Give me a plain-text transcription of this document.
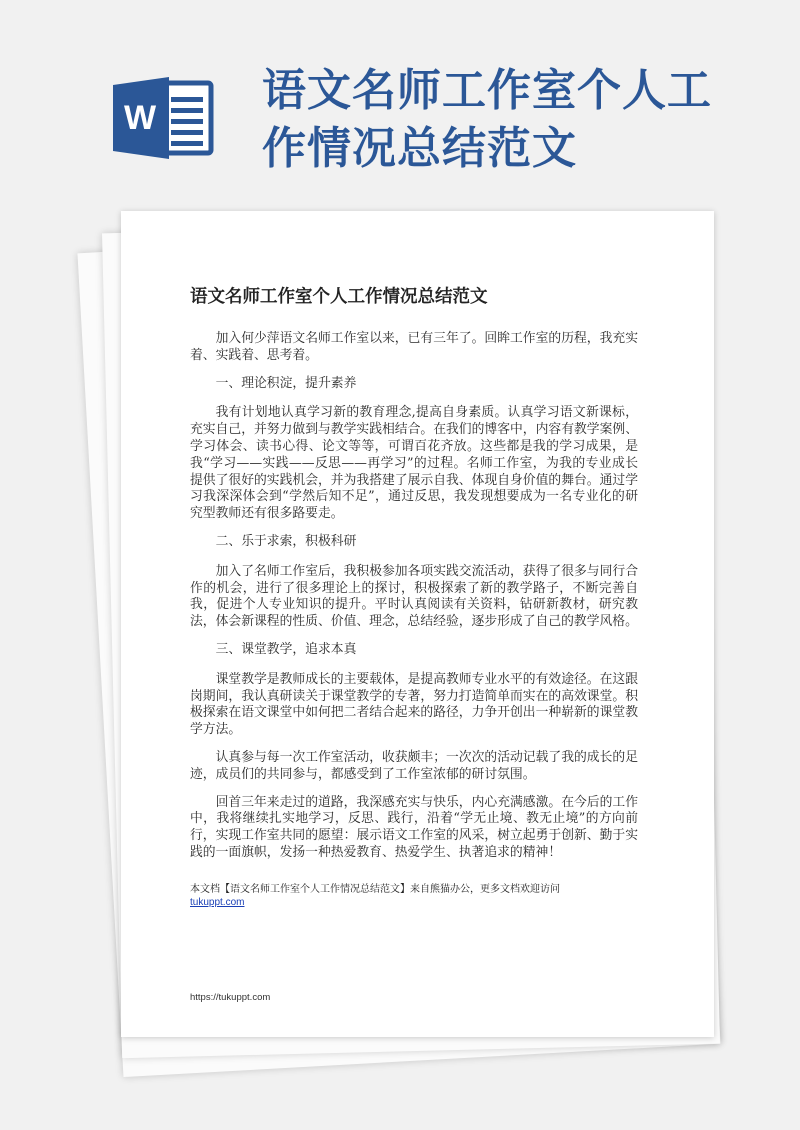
W
语文名师工作室个人工
作情况总结范文
语文名师工作室个人工作情况总结范文

加入何少萍语文名师工作室以来，已有三年了。回眸工作室的历程，我充实着、实践着、思考着。

一、理论积淀，提升素养

我有计划地认真学习新的教育理念,提高自身素质。认真学习语文新课标，充实自己，并努力做到与教学实践相结合。在我们的博客中，内容有教学案例、学习体会、读书心得、论文等等，可谓百花齐放。这些都是我的学习成果，是我“学习——实践——反思——再学习”的过程。名师工作室，为我的专业成长提供了很好的实践机会，并为我搭建了展示自我、体现自身价值的舞台。通过学习我深深体会到“学然后知不足”，通过反思，我发现想要成为一名专业化的研究型教师还有很多路要走。

二、乐于求索，积极科研

加入了名师工作室后，我积极参加各项实践交流活动，获得了很多与同行合作的机会，进行了很多理论上的探讨，积极探索了新的教学路子，不断完善自我，促进个人专业知识的提升。平时认真阅读有关资料，钻研新教材，研究教法，体会新课程的性质、价值、理念，总结经验，逐步形成了自己的教学风格。

三、课堂教学，追求本真

课堂教学是教师成长的主要载体，是提高教师专业水平的有效途径。在这跟岗期间，我认真研读关于课堂教学的专著，努力打造简单而实在的高效课堂。积极探索在语文课堂中如何把二者结合起来的路径，力争开创出一种崭新的课堂教学方法。

认真参与每一次工作室活动，收获颇丰；一次次的活动记载了我的成长的足迹，成员们的共同参与，都感受到了工作室浓郁的研讨氛围。

回首三年来走过的道路，我深感充实与快乐，内心充满感激。在今后的工作中，我将继续扎实地学习，反思、践行，沿着“学无止境、教无止境”的方向前行，实现工作室共同的愿望：展示语文工作室的风采，树立起勇于创新、勤于实践的一面旗帜，发扬一种热爱教育、热爱学生、执著追求的精神！

本文档【语文名师工作室个人工作情况总结范文】来自熊猫办公，更多文档欢迎访问
tukuppt.com
https://tukuppt.com
